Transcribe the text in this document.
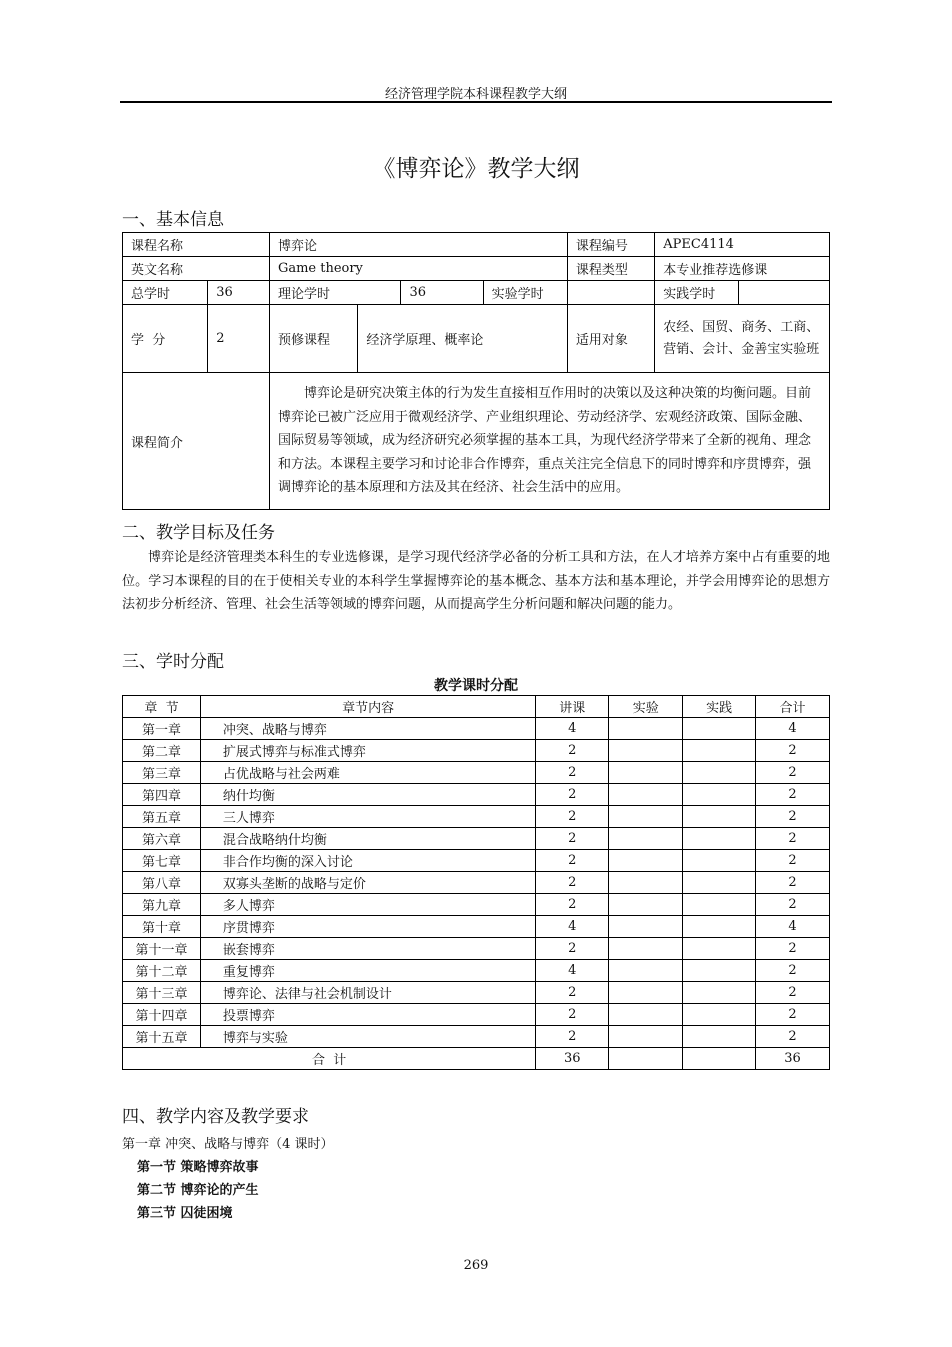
经济管理学院本科课程教学大纲
《博弈论》教学大纲
一、基本信息
课程名称		博弈论				课程编号	APEC4114	
英文名称		Game theory				课程类型	本专业推荐选修课	
总学时	36	理论学时		36	实验学时		实践学时	
学  分	2	预修课程	经济学原理、概率论			适用对象	农经、国贸、商务、工商、营销、会计、金善宝实验班	
课程简介		博弈论是研究决策主体的行为发生直接相互作用时的决策以及这种决策的均衡问题。目前博弈论已被广泛应用于微观经济学、产业组织理论、劳动经济学、宏观经济政策、国际金融、国际贸易等领域，成为经济研究必须掌握的基本工具，为现代经济学带来了全新的视角、理念和方法。本课程主要学习和讨论非合作博弈，重点关注完全信息下的同时博弈和序贯博弈，强调博弈论的基本原理和方法及其在经济、社会生活中的应用。						
二、教学目标及任务
博弈论是经济管理类本科生的专业选修课，是学习现代经济学必备的分析工具和方法，在人才培养方案中占有重要的地位。学习本课程的目的在于使相关专业的本科学生掌握博弈论的基本概念、基本方法和基本理论，并学会用博弈论的思想方法初步分析经济、管理、社会生活等领域的博弈问题，从而提高学生分析问题和解决问题的能力。
三、学时分配
教学课时分配
章  节	章节内容	讲课	实验	实践	合计
第一章	冲突、战略与博弈	4			4
第二章	扩展式博弈与标准式博弈	2			2
第三章	占优战略与社会两难	2			2
第四章	纳什均衡	2			2
第五章	三人博弈	2			2
第六章	混合战略纳什均衡	2			2
第七章	非合作均衡的深入讨论	2			2
第八章	双寡头垄断的战略与定价	2			2
第九章	多人博弈	2			2
第十章	序贯博弈	4			4
第十一章	嵌套博弈	2			2
第十二章	重复博弈	4			2
第十三章	博弈论、法律与社会机制设计	2			2
第十四章	投票博弈	2			2
第十五章	博弈与实验	2			2
合  计		36			36
四、教学内容及教学要求
第一章 冲突、战略与博弈（4 课时）
第一节 策略博弈故事
第二节 博弈论的产生
第三节 囚徒困境
269
